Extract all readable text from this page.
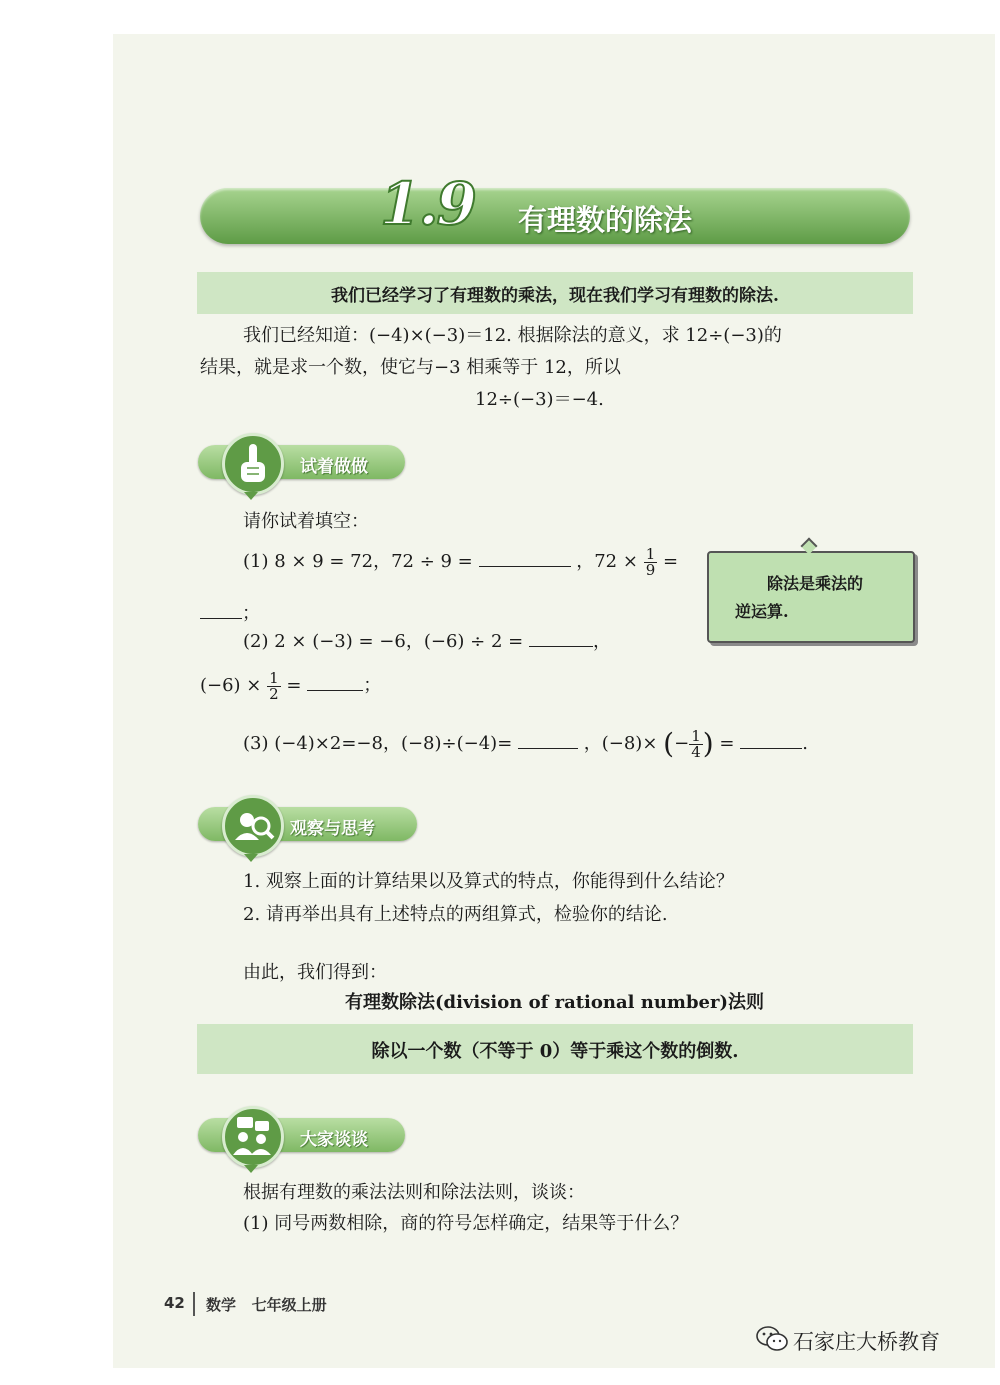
1.9 有理数的除法
我们已经学习了有理数的乘法，现在我们学习有理数的除法.
我们已经知道：(−4)×(−3)＝12. 根据除法的意义，求 12÷(−3)的
结果，就是求一个数，使它与−3 相乘等于 12，所以
12÷(−3)＝−4.
试着做做
请你试着填空：
(1) 8 × 9 = 72，72 ÷ 9 =	，$72 \times \frac{1}{9}$ =
；
(2) 2 × (−3) = −6，(−6) ÷ 2 =	，
$(-6) \times \frac{1}{2}$ =	；
(3) (−4)×2=−8，(−8)÷(−4)=	，(−8)× (− $\frac{1}{4}$ ) =	.
除法是乘法的
逆运算.
观察与思考
1. 观察上面的计算结果以及算式的特点，你能得到什么结论？
2. 请再举出具有上述特点的两组算式，检验你的结论.
由此，我们得到：
有理数除法(division of rational number)法则
除以一个数（不等于 0）等于乘这个数的倒数.
大家谈谈
根据有理数的乘法法则和除法法则，谈谈：
(1) 同号两数相除，商的符号怎样确定，结果等于什么？
42 数学   七年级上册
石家庄大桥教育
